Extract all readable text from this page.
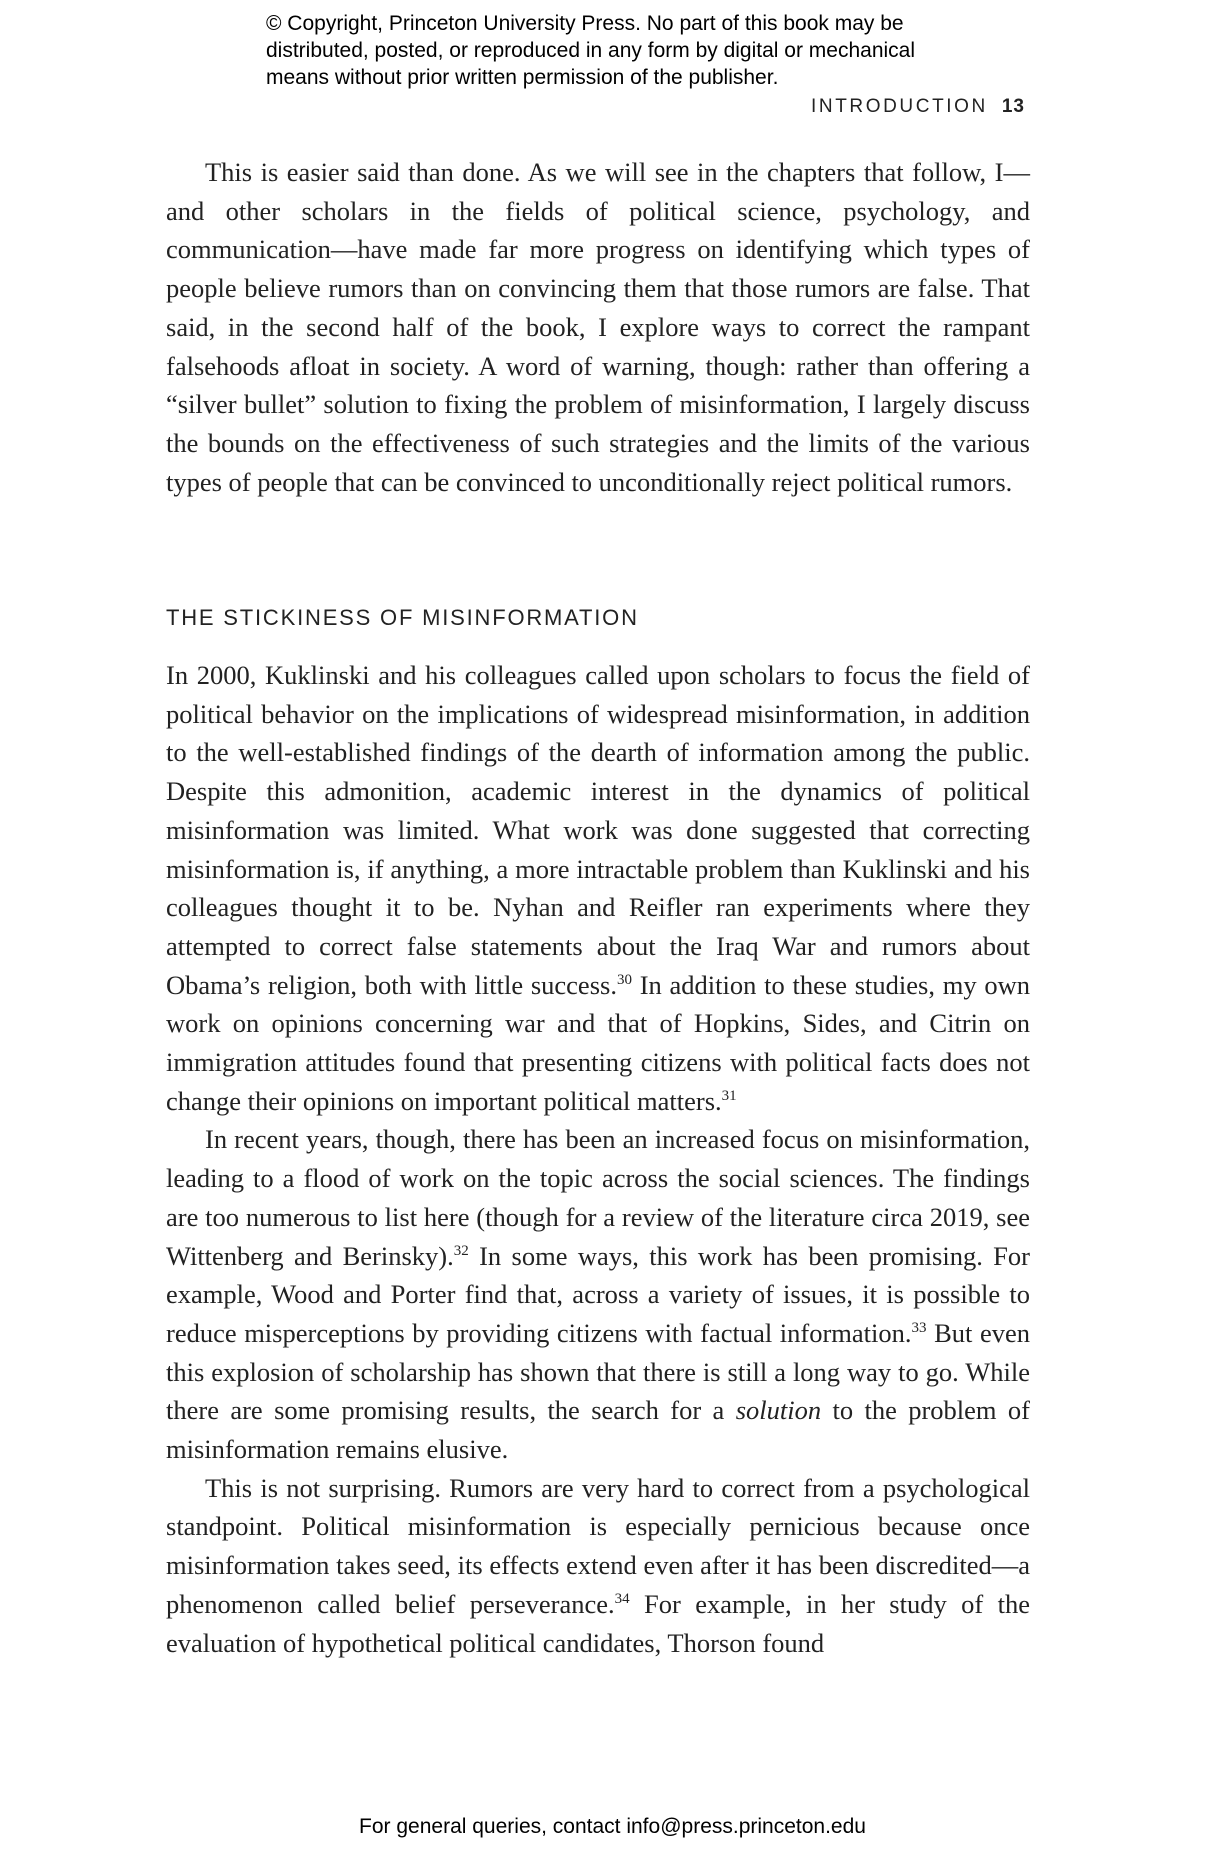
© Copyright, Princeton University Press. No part of this book may be
distributed, posted, or reproduced in any form by digital or mechanical
means without prior written permission of the publisher.
INTRODUCTION 13

This is easier said than done. As we will see in the chapters that follow, I—and other scholars in the fields of political science, psychology, and communication—have made far more progress on identifying which types of people believe rumors than on convincing them that those rumors are false. That said, in the second half of the book, I explore ways to correct the rampant falsehoods afloat in society. A word of warning, though: rather than offering a “silver bullet” solution to fixing the problem of misinformation, I largely discuss the bounds on the effectiveness of such strategies and the limits of the various types of people that can be convinced to unconditionally reject political rumors.

THE STICKINESS OF MISINFORMATION

In 2000, Kuklinski and his colleagues called upon scholars to focus the field of political behavior on the implications of widespread misinformation, in addition to the well-established findings of the dearth of information among the public. Despite this admonition, academic interest in the dynamics of political misinformation was limited. What work was done suggested that correcting misinformation is, if anything, a more intractable problem than Kuklinski and his colleagues thought it to be. Nyhan and Reifler ran experiments where they attempted to correct false statements about the Iraq War and rumors about Obama’s religion, both with little success.$^{30}$ In addition to these studies, my own work on opinions concerning war and that of Hopkins, Sides, and Citrin on immigration attitudes found that presenting citizens with political facts does not change their opinions on important political matters.$^{31}$

In recent years, though, there has been an increased focus on misinformation, leading to a flood of work on the topic across the social sciences. The findings are too numerous to list here (though for a review of the literature circa 2019, see Wittenberg and Berinsky).$^{32}$ In some ways, this work has been promising. For example, Wood and Porter find that, across a variety of issues, it is possible to reduce misperceptions by providing citizens with factual information.$^{33}$ But even this explosion of scholarship has shown that there is still a long way to go. While there are some promising results, the search for a solution to the problem of misinformation remains elusive.

This is not surprising. Rumors are very hard to correct from a psychological standpoint. Political misinformation is especially pernicious because once misinformation takes seed, its effects extend even after it has been discredited—a phenomenon called belief perseverance.$^{34}$ For example, in her study of the evaluation of hypothetical political candidates, Thorson found

For general queries, contact info@press.princeton.edu
